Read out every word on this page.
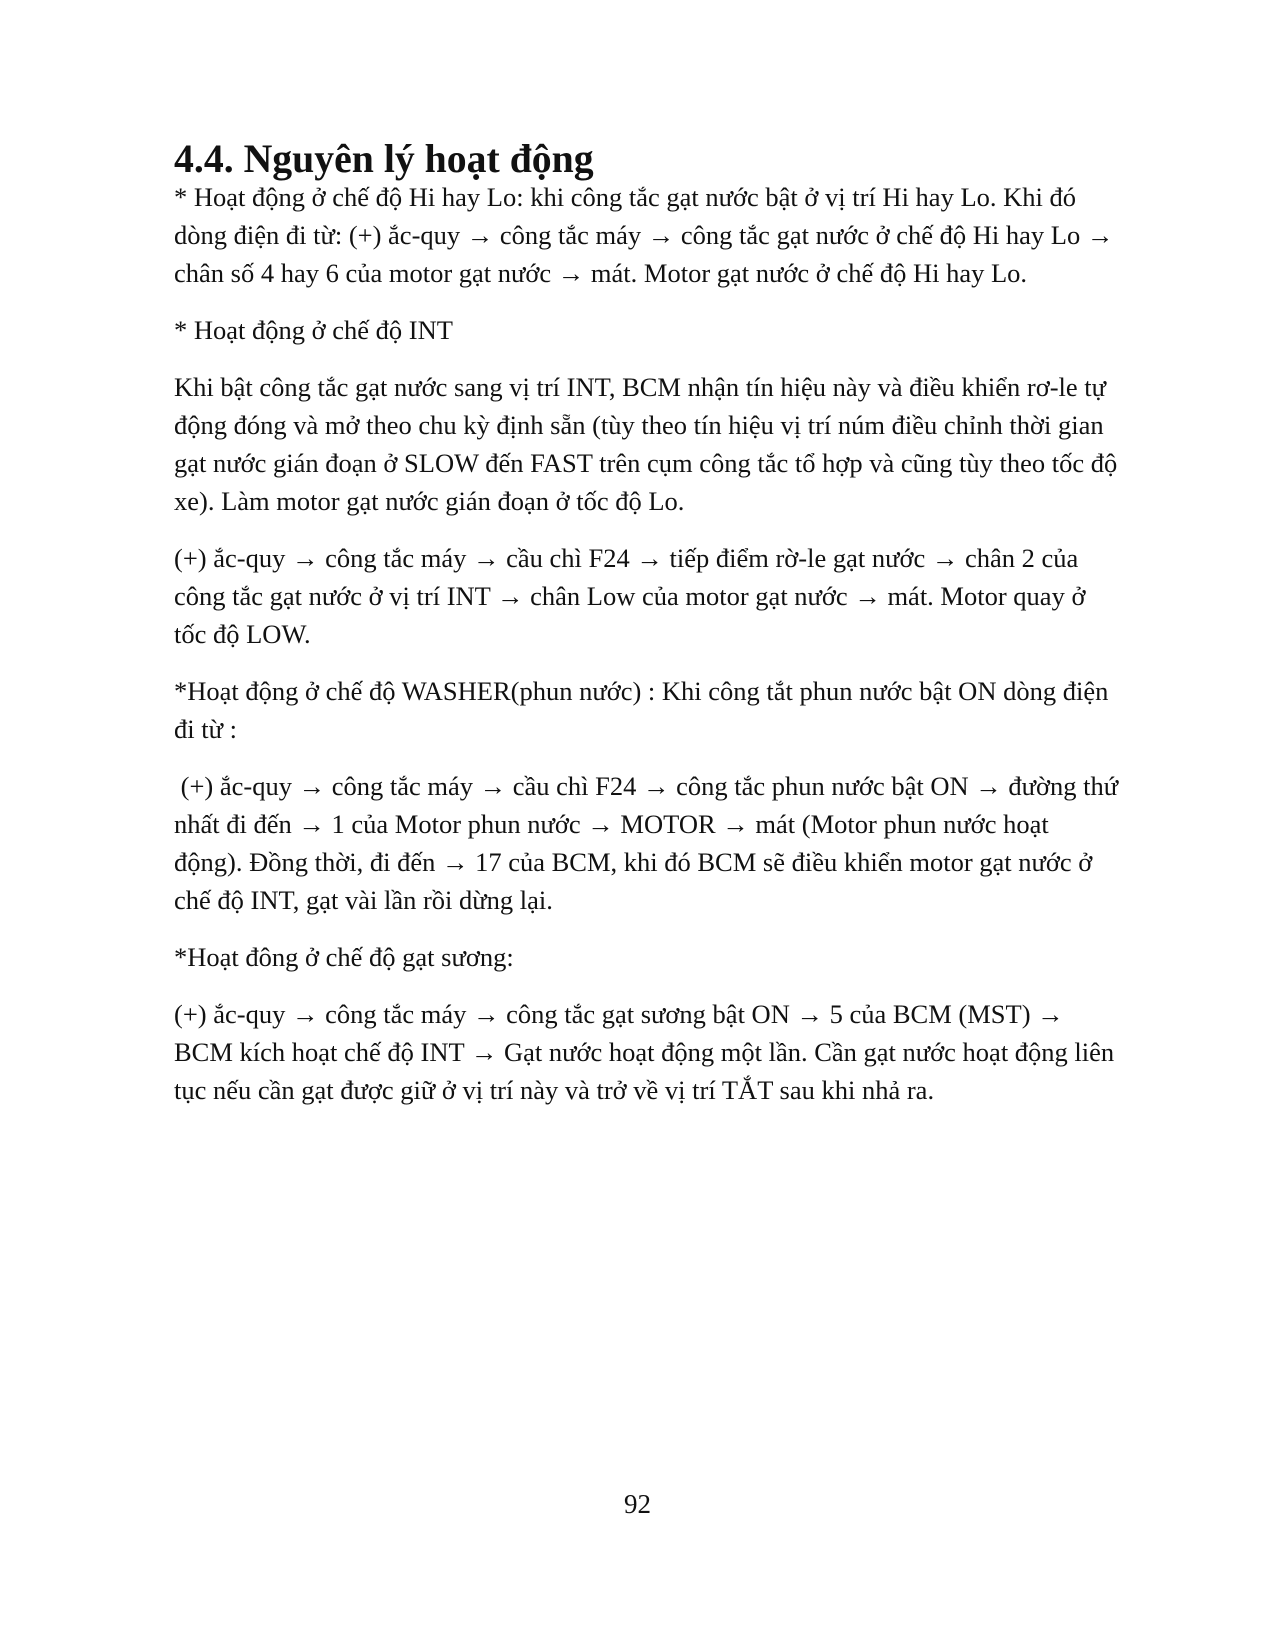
4.4. Nguyên lý hoạt động

* Hoạt động ở chế độ Hi hay Lo: khi công tắc gạt nước bật ở vị trí Hi hay Lo. Khi đó dòng điện đi từ: (+) ắc-quy → công tắc máy → công tắc gạt nước ở chế độ Hi hay Lo → chân số 4 hay 6 của motor gạt nước → mát. Motor gạt nước ở chế độ Hi hay Lo.

* Hoạt động ở chế độ INT

Khi bật công tắc gạt nước sang vị trí INT, BCM nhận tín hiệu này và điều khiển rơ-le tự động đóng và mở theo chu kỳ định sẵn (tùy theo tín hiệu vị trí núm điều chỉnh thời gian gạt nước gián đoạn ở SLOW đến FAST trên cụm công tắc tổ hợp và cũng tùy theo tốc độ xe). Làm motor gạt nước gián đoạn ở tốc độ Lo.

(+) ắc-quy → công tắc máy → cầu chì F24 → tiếp điểm rờ-le gạt nước → chân 2 của công tắc gạt nước ở vị trí INT → chân Low của motor gạt nước → mát. Motor quay ở tốc độ LOW.

*Hoạt động ở chế độ WASHER(phun nước) : Khi công tắt phun nước bật ON dòng điện đi từ :

(+) ắc-quy → công tắc máy → cầu chì F24 → công tắc phun nước bật ON → đường thứ nhất đi đến → 1 của Motor phun nước → MOTOR → mát (Motor phun nước hoạt động). Đồng thời, đi đến → 17 của BCM, khi đó BCM sẽ điều khiển motor gạt nước ở chế độ INT, gạt vài lần rồi dừng lại.

*Hoạt đông ở chế độ gạt sương:

(+) ắc-quy → công tắc máy → công tắc gạt sương bật ON → 5 của BCM (MST) → BCM kích hoạt chế độ INT → Gạt nước hoạt động một lần. Cần gạt nước hoạt động liên tục nếu cần gạt được giữ ở vị trí này và trở về vị trí TẮT sau khi nhả ra.

92
